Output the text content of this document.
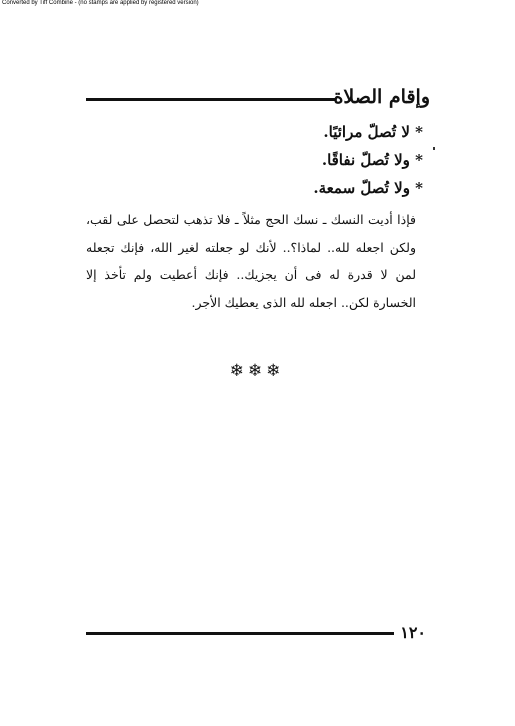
Converted by Tiff Combine - (no stamps are applied by registered version)
وإقام الصلاة
* لا تُصلّ مرائيًا.
* ولا تُصلّ نفاقًا.
* ولا تُصلّ سمعة.
فإذا أديت النسك ـ نسك الحج مثلاً ـ فلا تذهب لتحصل على لقب، ولكن اجعله لله.. لماذا؟.. لأنك لو جعلته لغير الله، فإنك تجعله لمن لا قدرة له فى أن يجزيك.. فإنك أعطيت ولم تأخذ إلا الخسارة لكن.. اجعله لله الذى يعطيك الأجر.
❄❄❄
١٢٠
